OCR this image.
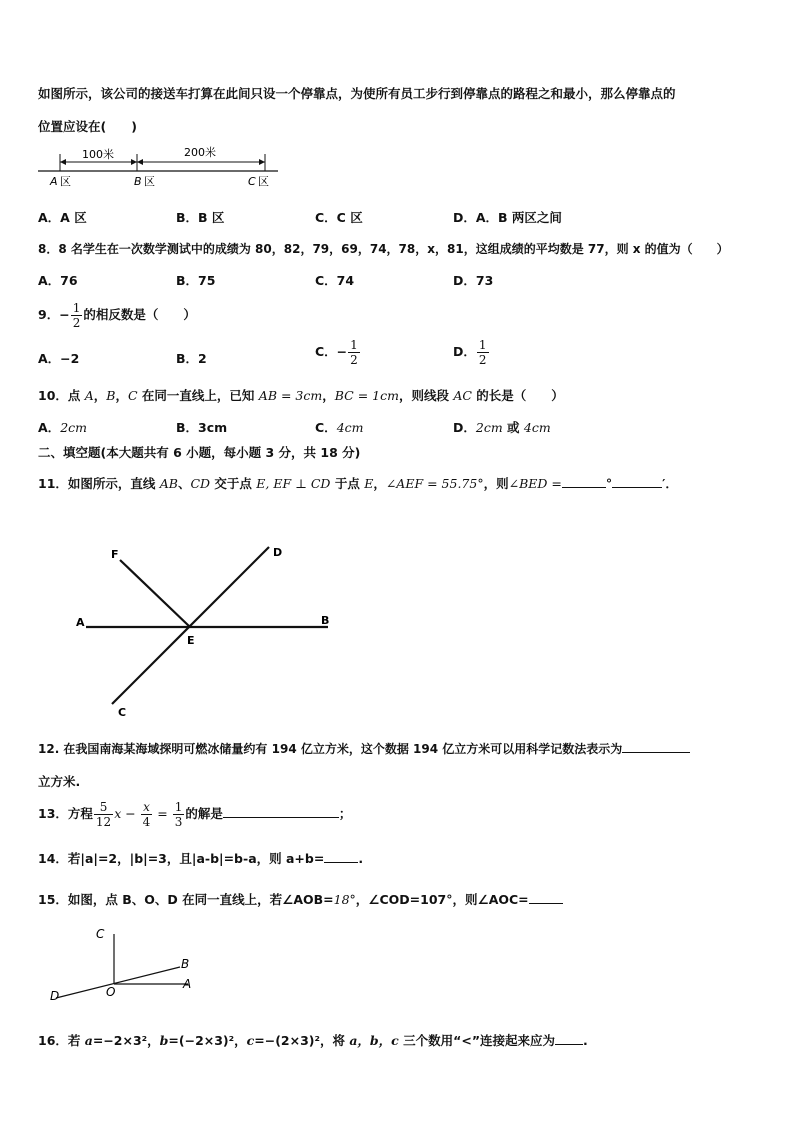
如图所示，该公司的接送车打算在此间只设一个停靠点，为使所有员工步行到停靠点的路程之和最小，那么停靠点的
位置应设在(　　)
100米	200米
A 区	B 区	C 区
A．A 区	B．B 区	C．C 区	D．A．B 两区之间
8．8 名学生在一次数学测试中的成绩为 80，82，79，69，74，78，x，81，这组成绩的平均数是 77，则 x 的值为（　　）
A．76	B．75	C．74	D．73
9．− $\frac{1}{2}$ 的相反数是（　　）
A．−2	B．2	C．− $\frac{1}{2}$	D． $\frac{1}{2}$
10．点 A，B，C 在同一直线上，已知 AB = 3cm，BC = 1cm，则线段 AC 的长是（　　）
A．2cm	B．3cm	C．4cm	D．2cm 或 4cm
二、填空题(本大题共有 6 小题，每小题 3 分，共 18 分)
11．如图所示，直线 AB、CD 交于点 E, EF ⊥ CD 于点 E，∠AEF = 55.75°，则∠BED =	°	′．
F	D
A	B
E
C
12. 在我国南海某海域探明可燃冰储量约有 194 亿立方米，这个数据 194 亿立方米可以用科学记数法表示为
立方米.
13．方程 $\frac{5}{12}$ $x - \frac{x}{4} = \frac{1}{3}$ 的解是	；
14．若|a|=2，|b|=3，且|a-b|=b-a，则 a+b=	.
15．如图，点 B、O、D 在同一直线上，若∠AOB=18°，∠COD=107°，则∠AOC=
C
B
D	O
A
16．若 a=−2×3²，b=(−2×3)²，c=−(2×3)²，将 a，b，c 三个数用“<”连接起来应为 .
